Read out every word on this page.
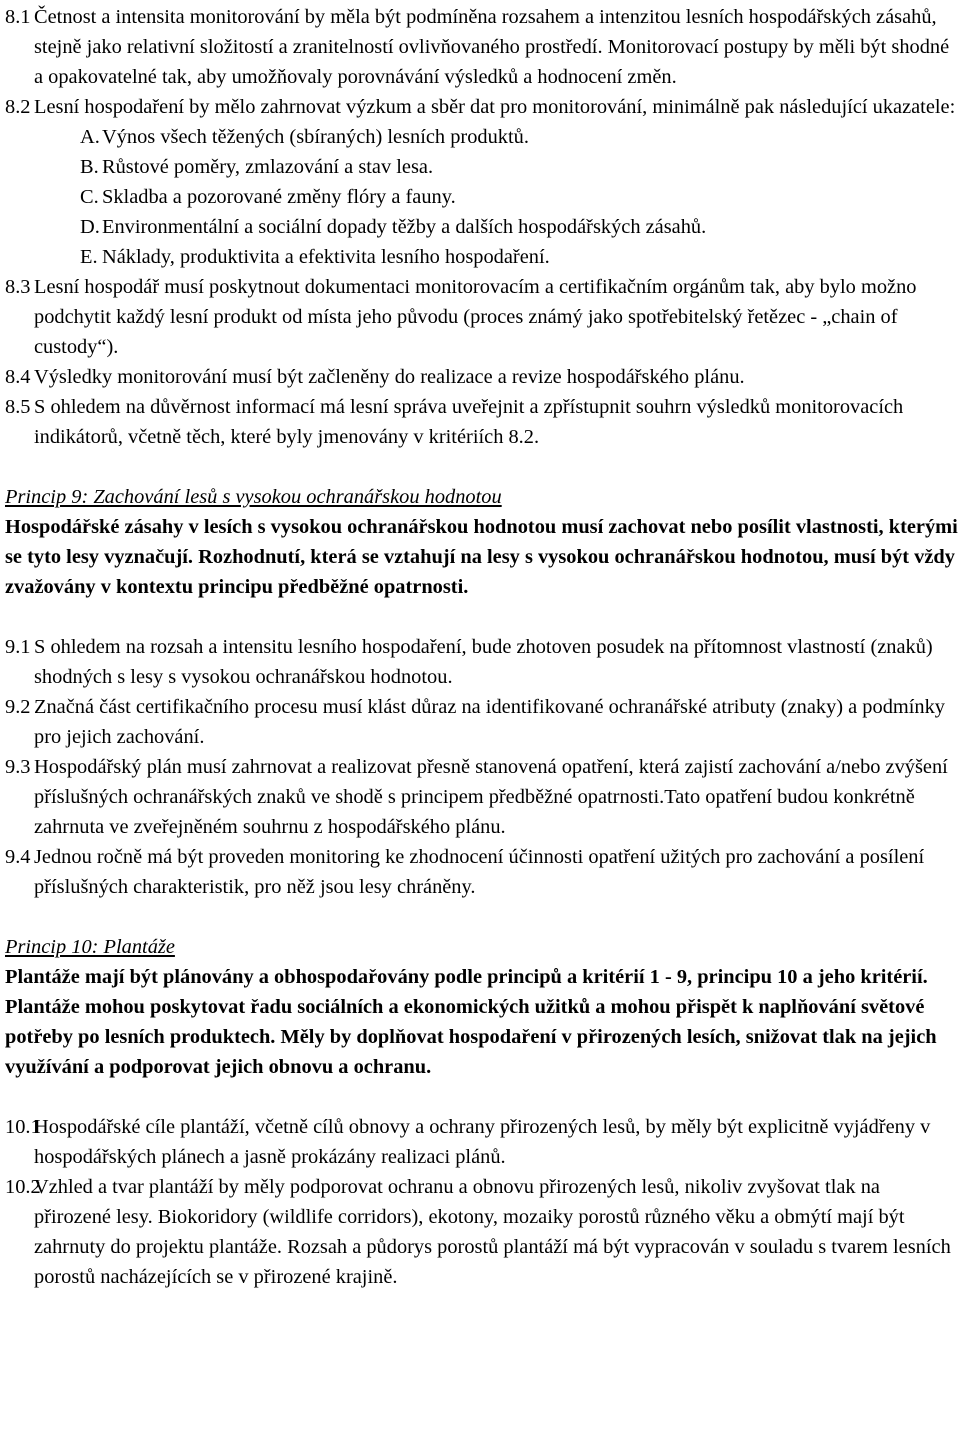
8.1 Četnost a intensita monitorování by měla být podmíněna rozsahem a intenzitou lesních hospodářských zásahů, stejně jako relativní složitostí a zranitelností ovlivňovaného prostředí. Monitorovací postupy by měli být shodné a opakovatelné tak, aby umožňovaly porovnávání výsledků a hodnocení změn.
8.2 Lesní hospodaření by mělo zahrnovat výzkum a sběr dat pro monitorování, minimálně pak následující ukazatele:
A. Výnos všech těžených (sbíraných) lesních produktů.
B. Růstové poměry, zmlazování a stav lesa.
C. Skladba a pozorované změny flóry a fauny.
D. Environmentální a sociální dopady těžby a dalších hospodářských zásahů.
E. Náklady, produktivita a efektivita lesního hospodaření.
8.3 Lesní hospodář musí poskytnout dokumentaci monitorovacím a certifikačním orgánům tak, aby bylo možno podchytit každý lesní produkt od místa jeho původu (proces známý jako spotřebitelský řetězec - „chain of custody“).
8.4 Výsledky monitorování musí být začleněny do realizace a revize hospodářského plánu.
8.5 S ohledem na důvěrnost informací má lesní správa uveřejnit a zpřístupnit souhrn výsledků monitorovacích indikátorů, včetně těch, které byly jmenovány v kritériích 8.2.
Princip 9: Zachování lesů s vysokou ochranářskou hodnotou
Hospodářské zásahy v lesích s vysokou ochranářskou hodnotou musí zachovat nebo posílit vlastnosti, kterými se tyto lesy vyznačují. Rozhodnutí, která se vztahují na lesy s vysokou ochranářskou hodnotou, musí být vždy zvažovány v kontextu principu předběžné opatrnosti.
9.1 S ohledem na rozsah a intensitu lesního hospodaření, bude zhotoven posudek na přítomnost vlastností (znaků) shodných s lesy s vysokou ochranářskou hodnotou.
9.2 Značná část certifikačního procesu musí klást důraz na identifikované ochranářské atributy (znaky) a podmínky pro jejich zachování.
9.3 Hospodářský plán musí zahrnovat a realizovat přesně stanovená opatření, která zajistí zachování a/nebo zvýšení příslušných ochranářských znaků ve shodě s principem předběžné opatrnosti.Tato opatření budou konkrétně zahrnuta ve zveřejněném souhrnu z hospodářského plánu.
9.4 Jednou ročně má být proveden monitoring ke zhodnocení účinnosti opatření užitých pro zachování a posílení příslušných charakteristik, pro něž jsou lesy chráněny.
Princip 10: Plantáže
Plantáže mají být plánovány a obhospodařovány podle principů a kritérií 1 - 9, principu 10 a jeho kritérií. Plantáže mohou poskytovat řadu sociálních a ekonomických užitků a mohou přispět k naplňování světové potřeby po lesních produktech. Měly by doplňovat hospodaření v přirozených lesích, snižovat tlak na jejich využívání a podporovat jejich obnovu a ochranu.
10.1
Hospodářské cíle plantáží, včetně cílů obnovy a ochrany přirozených lesů, by měly být explicitně vyjádřeny v hospodářských plánech a jasně prokázány realizaci plánů.
10.2
Vzhled a tvar plantáží by měly podporovat ochranu a obnovu přirozených lesů, nikoliv zvyšovat tlak na přirozené lesy. Biokoridory (wildlife corridors), ekotony, mozaiky porostů různého věku a obmýtí mají být zahrnuty do projektu plantáže. Rozsah a půdorys porostů plantáží má být vypracován v souladu s tvarem lesních porostů nacházejících se v přirozené krajině.
